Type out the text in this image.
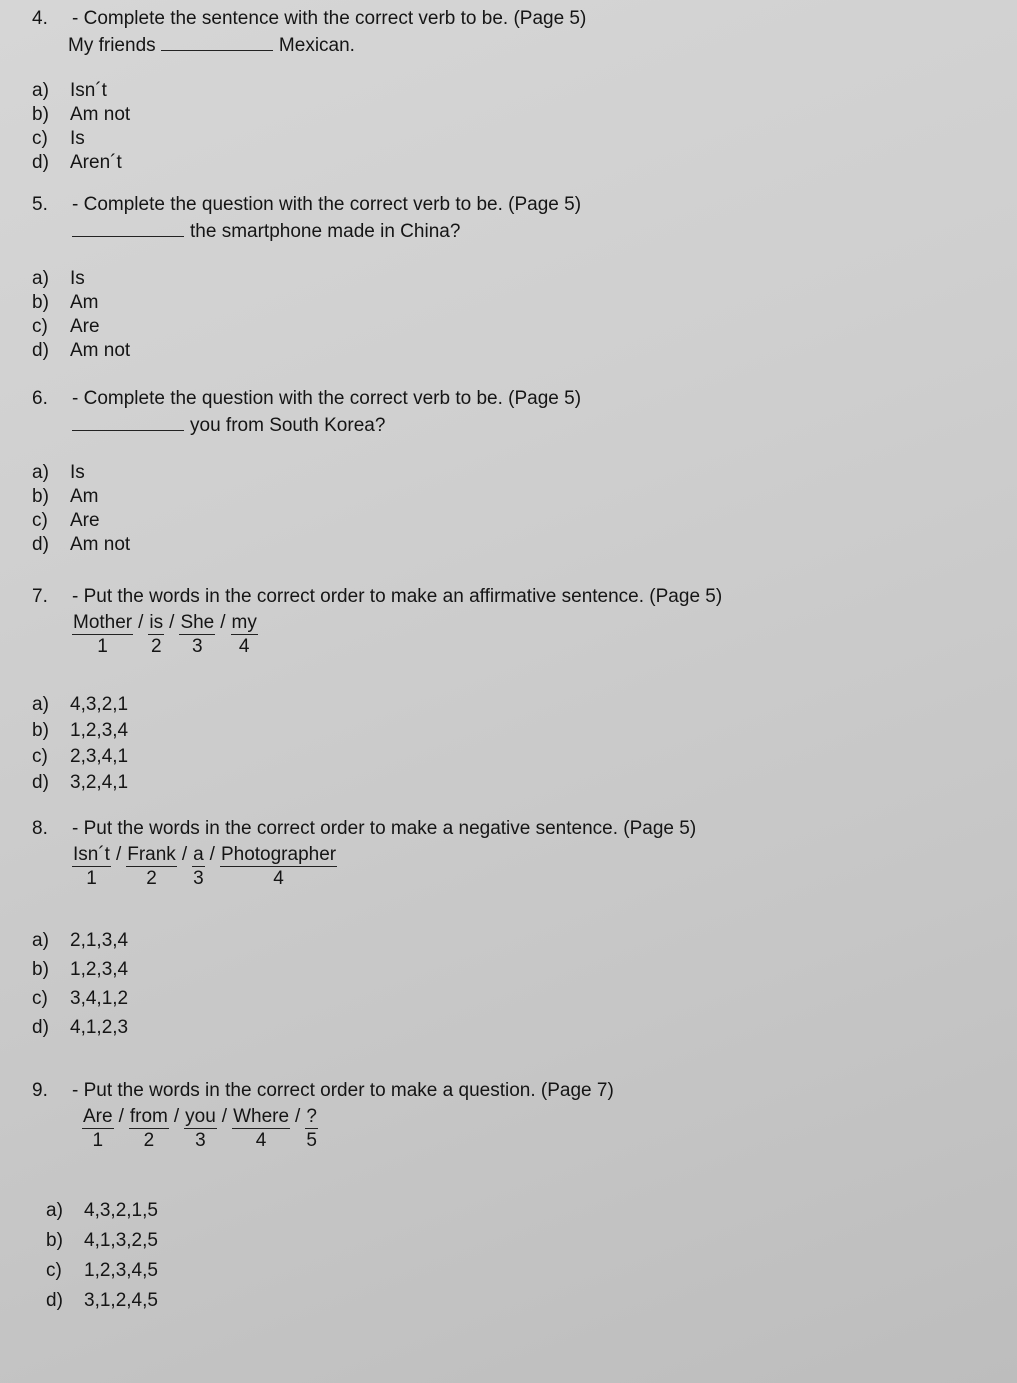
4. - Complete the sentence with the correct verb to be. (Page 5)
My friends	Mexican.
a) Isn´t
b) Am not
c) Is
d) Aren´t
5. - Complete the question with the correct verb to be. (Page 5)
the smartphone made in China?
a) Is
b) Am
c) Are
d) Am not
6. - Complete the question with the correct verb to be. (Page 5)
you from South Korea?
a) Is
b) Am
c) Are
d) Am not
7. - Put the words in the correct order to make an affirmative sentence. (Page 5)
Mother
1
/ is
2
/ She
3
/ my
4
a) 4,3,2,1
b) 1,2,3,4
c) 2,3,4,1
d) 3,2,4,1
8. - Put the words in the correct order to make a negative sentence. (Page 5)
Isn´t
1
/ Frank
2
/ a
3
/ Photographer
4
a) 2,1,3,4
b) 1,2,3,4
c) 3,4,1,2
d) 4,1,2,3
9. - Put the words in the correct order to make a question. (Page 7)
Are
1
/ from
2
/ you
3
/ Where
4
/ ?
5
a) 4,3,2,1,5
b) 4,1,3,2,5
c) 1,2,3,4,5
d) 3,1,2,4,5
